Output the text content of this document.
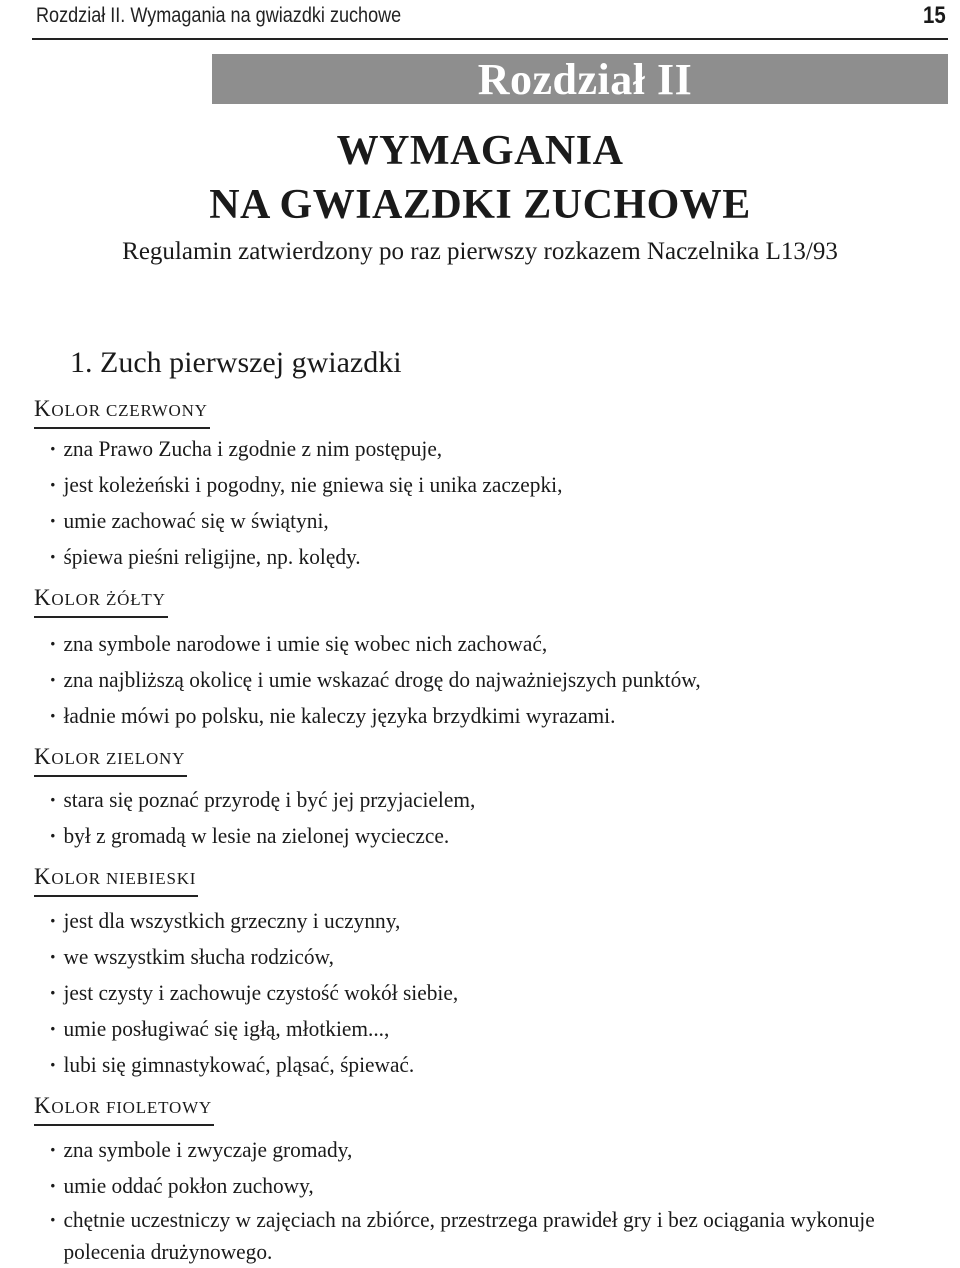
Rozdział II. Wymagania na gwiazdki zuchowe	15
Rozdział II
WYMAGANIA
NA GWIAZDKI ZUCHOWE
Regulamin zatwierdzony po raz pierwszy rozkazem Naczelnika L13/93
1. Zuch pierwszej gwiazdki
KOLOR CZERWONY
· zna Prawo Zucha i zgodnie z nim postępuje,
· jest koleżeński i pogodny, nie gniewa się i unika zaczepki,
· umie zachować się w świątyni,
· śpiewa pieśni religijne, np. kolędy.
KOLOR ŻÓŁTY
· zna symbole narodowe i umie się wobec nich zachować,
· zna najbliższą okolicę i umie wskazać drogę do najważniejszych punktów,
· ładnie mówi po polsku, nie kaleczy języka brzydkimi wyrazami.
KOLOR ZIELONY
· stara się poznać przyrodę i być jej przyjacielem,
· był z gromadą w lesie na zielonej wycieczce.
KOLOR NIEBIESKI
· jest dla wszystkich grzeczny i uczynny,
· we wszystkim słucha rodziców,
· jest czysty i zachowuje czystość wokół siebie,
· umie posługiwać się igłą, młotkiem...,
· lubi się gimnastykować, pląsać, śpiewać.
KOLOR FIOLETOWY
· zna symbole i zwyczaje gromady,
· umie oddać pokłon zuchowy,
· chętnie uczestniczy w zajęciach na zbiórce, przestrzega prawideł gry i bez ociągania wykonuje polecenia drużynowego.
